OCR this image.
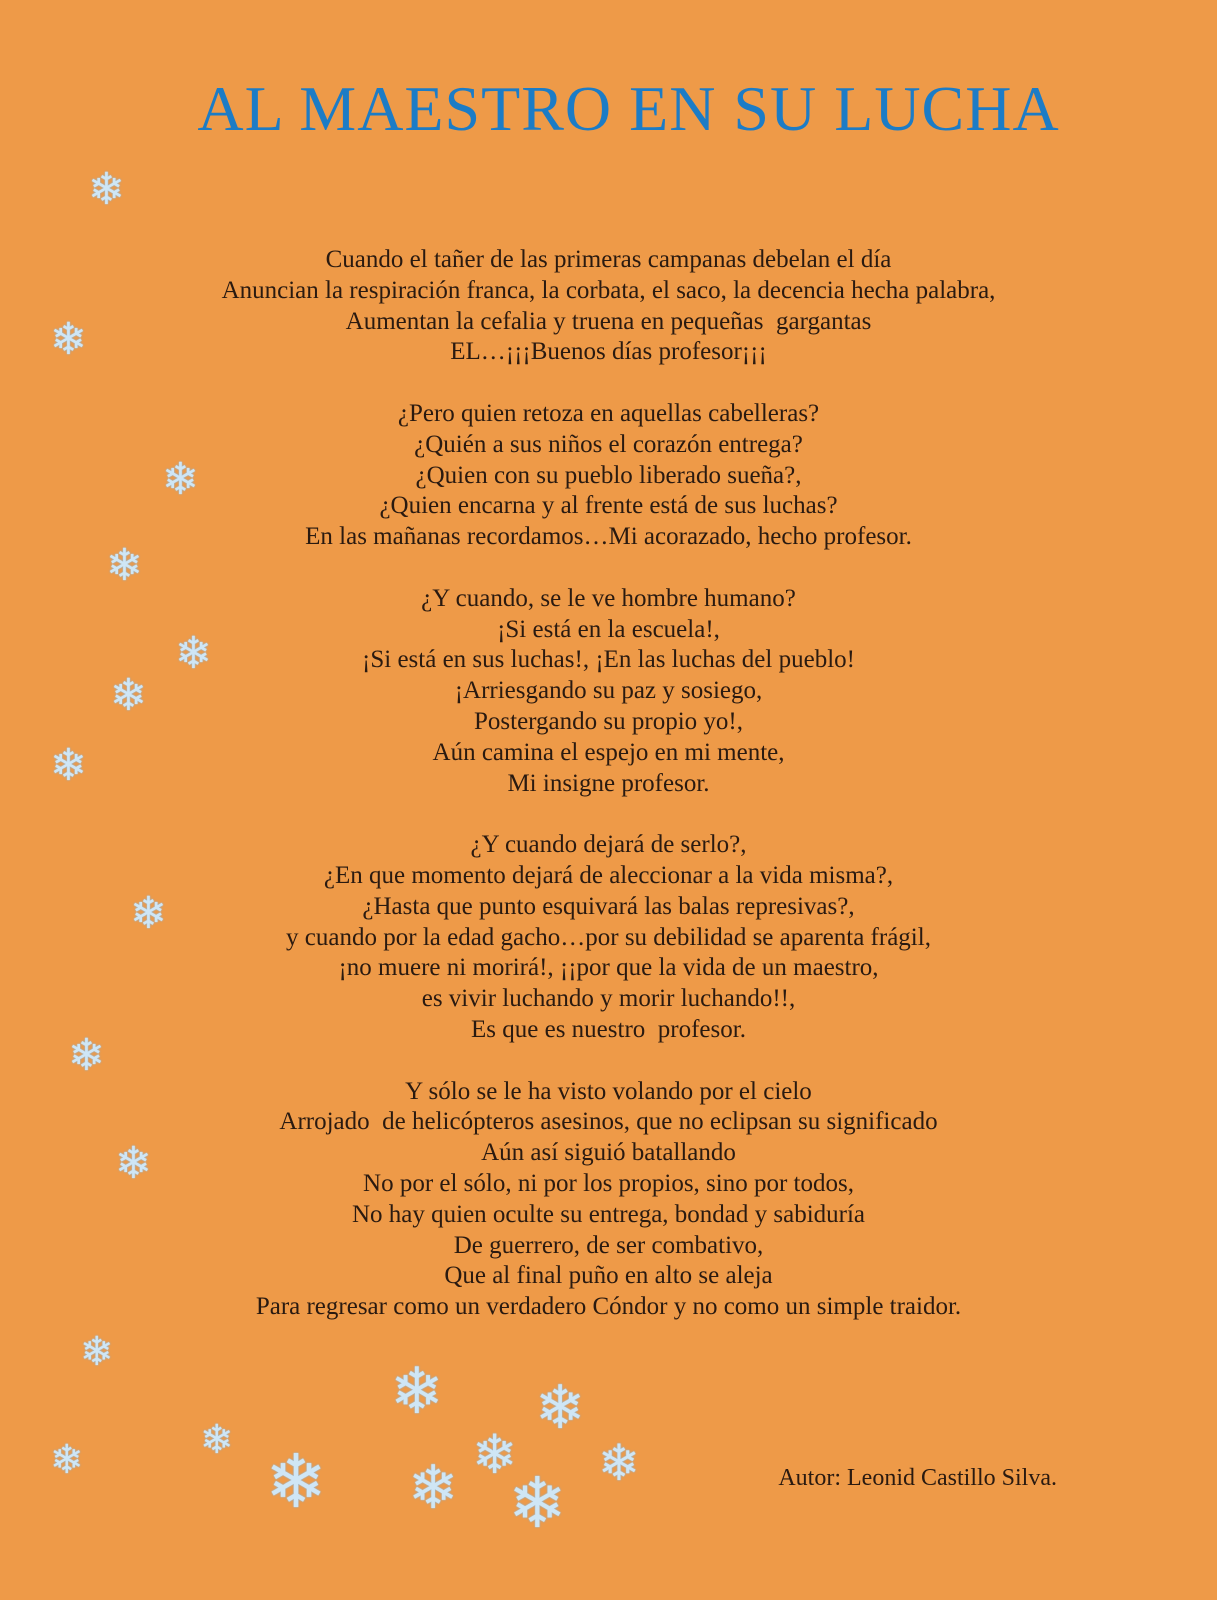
AL MAESTRO EN SU LUCHA
Cuando el tañer de las primeras campanas debelan el día
Anuncian la respiración franca, la corbata, el saco, la decencia hecha palabra,
Aumentan la cefalia y truena en pequeñas  gargantas
EL…¡¡¡Buenos días profesor¡¡¡
¿Pero quien retoza en aquellas cabelleras?
¿Quién a sus niños el corazón entrega?
¿Quien con su pueblo liberado sueña?,
¿Quien encarna y al frente está de sus luchas?
En las mañanas recordamos…Mi acorazado, hecho profesor.
¿Y cuando, se le ve hombre humano?
¡Si está en la escuela!,
¡Si está en sus luchas!, ¡En las luchas del pueblo!
¡Arriesgando su paz y sosiego,
Postergando su propio yo!,
Aún camina el espejo en mi mente,
Mi insigne profesor.
¿Y cuando dejará de serlo?,
¿En que momento dejará de aleccionar a la vida misma?,
¿Hasta que punto esquivará las balas represivas?,
y cuando por la edad gacho…por su debilidad se aparenta frágil,
¡no muere ni morirá!, ¡¡por que la vida de un maestro,
es vivir luchando y morir luchando!!,
Es que es nuestro  profesor.
Y sólo se le ha visto volando por el cielo
Arrojado  de helicópteros asesinos, que no eclipsan su significado
Aún así siguió batallando
No por el sólo, ni por los propios, sino por todos,
No hay quien oculte su entrega, bondad y sabiduría
De guerrero, de ser combativo,
Que al final puño en alto se aleja
Para regresar como un verdadero Cóndor y no como un simple traidor.
Autor: Leonid Castillo Silva.
❄
❄
❄
❄
❄
❄
❄
❄
❄
❄
❄
❄
❄
❄ ❄
❄ ❄
❄ ❄ ❄
